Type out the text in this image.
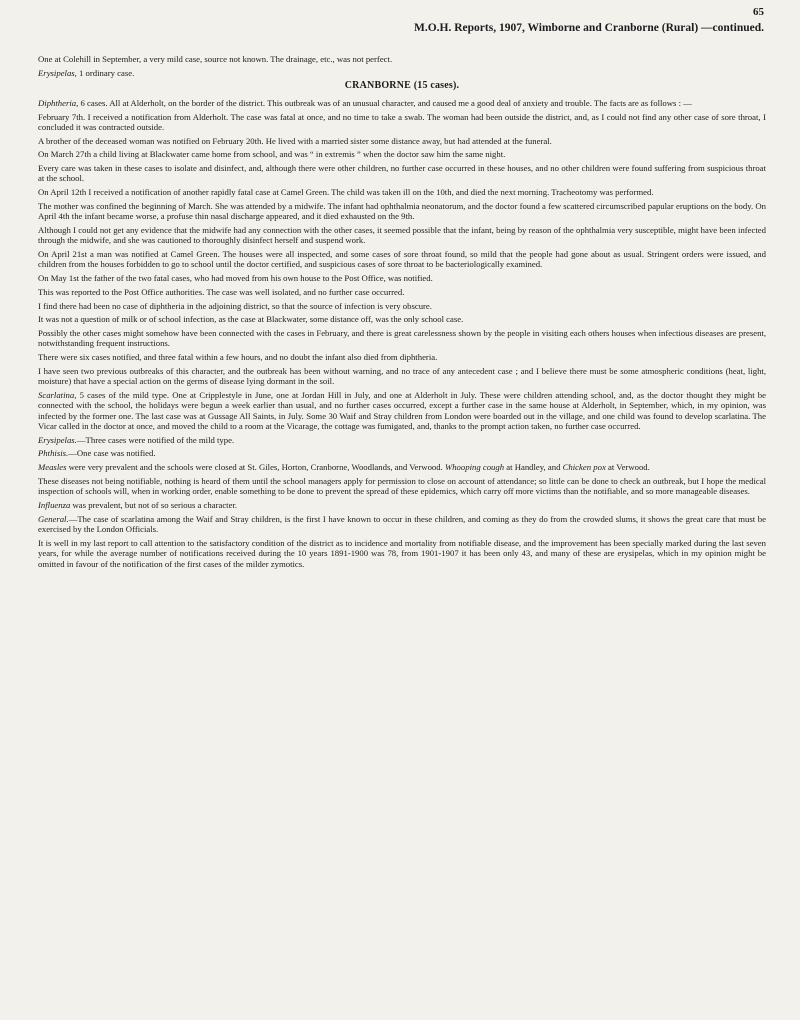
65
M.O.H. Reports, 1907, Wimborne and Cranborne (Rural) —continued.

One at Colehill in September, a very mild case, source not known. The drainage, etc., was not perfect.

Erysipelas, 1 ordinary case.

CRANBORNE (15 cases).

Diphtheria, 6 cases. All at Alderholt, on the border of the district. This outbreak was of an unusual character, and caused me a good deal of anxiety and trouble. The facts are as follows : —

February 7th. I received a notification from Alderholt. The case was fatal at once, and no time to take a swab. The woman had been outside the district, and, as I could not find any other case of sore throat, I concluded it was contracted outside.

A brother of the deceased woman was notified on February 20th. He lived with a married sister some distance away, but had attended at the funeral.

On March 27th a child living at Blackwater came home from school, and was “ in extremis ” when the doctor saw him the same night.

Every care was taken in these cases to isolate and disinfect, and, although there were other children, no further case occurred in these houses, and no other children were found suffering from suspicious throat at the school.

On April 12th I received a notification of another rapidly fatal case at Camel Green. The child was taken ill on the 10th, and died the next morning. Tracheotomy was performed.

The mother was confined the beginning of March. She was attended by a midwife. The infant had ophthalmia neonatorum, and the doctor found a few scattered circumscribed papular eruptions on the body. On April 4th the infant became worse, a profuse thin nasal discharge appeared, and it died exhausted on the 9th.

Although I could not get any evidence that the midwife had any connection with the other cases, it seemed possible that the infant, being by reason of the ophthalmia very susceptible, might have been infected through the midwife, and she was cautioned to thoroughly disinfect herself and suspend work.

On April 21st a man was notified at Camel Green. The houses were all inspected, and some cases of sore throat found, so mild that the people had gone about as usual. Stringent orders were issued, and children from the houses forbidden to go to school until the doctor certified, and suspicious cases of sore throat to be bacteriologically examined.

On May 1st the father of the two fatal cases, who had moved from his own house to the Post Office, was notified.

This was reported to the Post Office authorities. The case was well isolated, and no further case occurred.

I find there had been no case of diphtheria in the adjoining district, so that the source of infection is very obscure.

It was not a question of milk or of school infection, as the case at Blackwater, some distance off, was the only school case.

Possibly the other cases might somehow have been connected with the cases in February, and there is great carelessness shown by the people in visiting each others houses when infectious diseases are present, notwithstanding frequent instructions.

There were six cases notified, and three fatal within a few hours, and no doubt the infant also died from diphtheria.

I have seen two previous outbreaks of this character, and the outbreak has been without warning, and no trace of any antecedent case ; and I believe there must be some atmospheric conditions (heat, light, moisture) that have a special action on the germs of disease lying dormant in the soil.

Scarlatina, 5 cases of the mild type. One at Cripplestyle in June, one at Jordan Hill in July, and one at Alderholt in July. These were children attending school, and, as the doctor thought they might be connected with the school, the holidays were begun a week earlier than usual, and no further cases occurred, except a further case in the same house at Alderholt, in September, which, in my opinion, was infected by the former one. The last case was at Gussage All Saints, in July. Some 30 Waif and Stray children from London were boarded out in the village, and one child was found to develop scarlatina. The Vicar called in the doctor at once, and moved the child to a room at the Vicarage, the cottage was fumigated, and, thanks to the prompt action taken, no further case occurred.

Erysipelas.—Three cases were notified of the mild type.

Phthisis.—One case was notified.

Measles were very prevalent and the schools were closed at St. Giles, Horton, Cranborne, Woodlands, and Verwood. Whooping cough at Handley, and Chicken pox at Verwood.

These diseases not being notifiable, nothing is heard of them until the school managers apply for permission to close on account of attendance; so little can be done to check an outbreak, but I hope the medical inspection of schools will, when in working order, enable something to be done to prevent the spread of these epidemics, which carry off more victims than the notifiable, and so more manageable diseases.

Influenza was prevalent, but not of so serious a character.

General.—The case of scarlatina among the Waif and Stray children, is the first I have known to occur in these children, and coming as they do from the crowded slums, it shows the great care that must be exercised by the London Officials.

It is well in my last report to call attention to the satisfactory condition of the district as to incidence and mortality from notifiable disease, and the improvement has been specially marked during the last seven years, for while the average number of notifications received during the 10 years 1891-1900 was 78, from 1901-1907 it has been only 43, and many of these are erysipelas, which in my opinion might be omitted in favour of the notification of the first cases of the milder zymotics.
